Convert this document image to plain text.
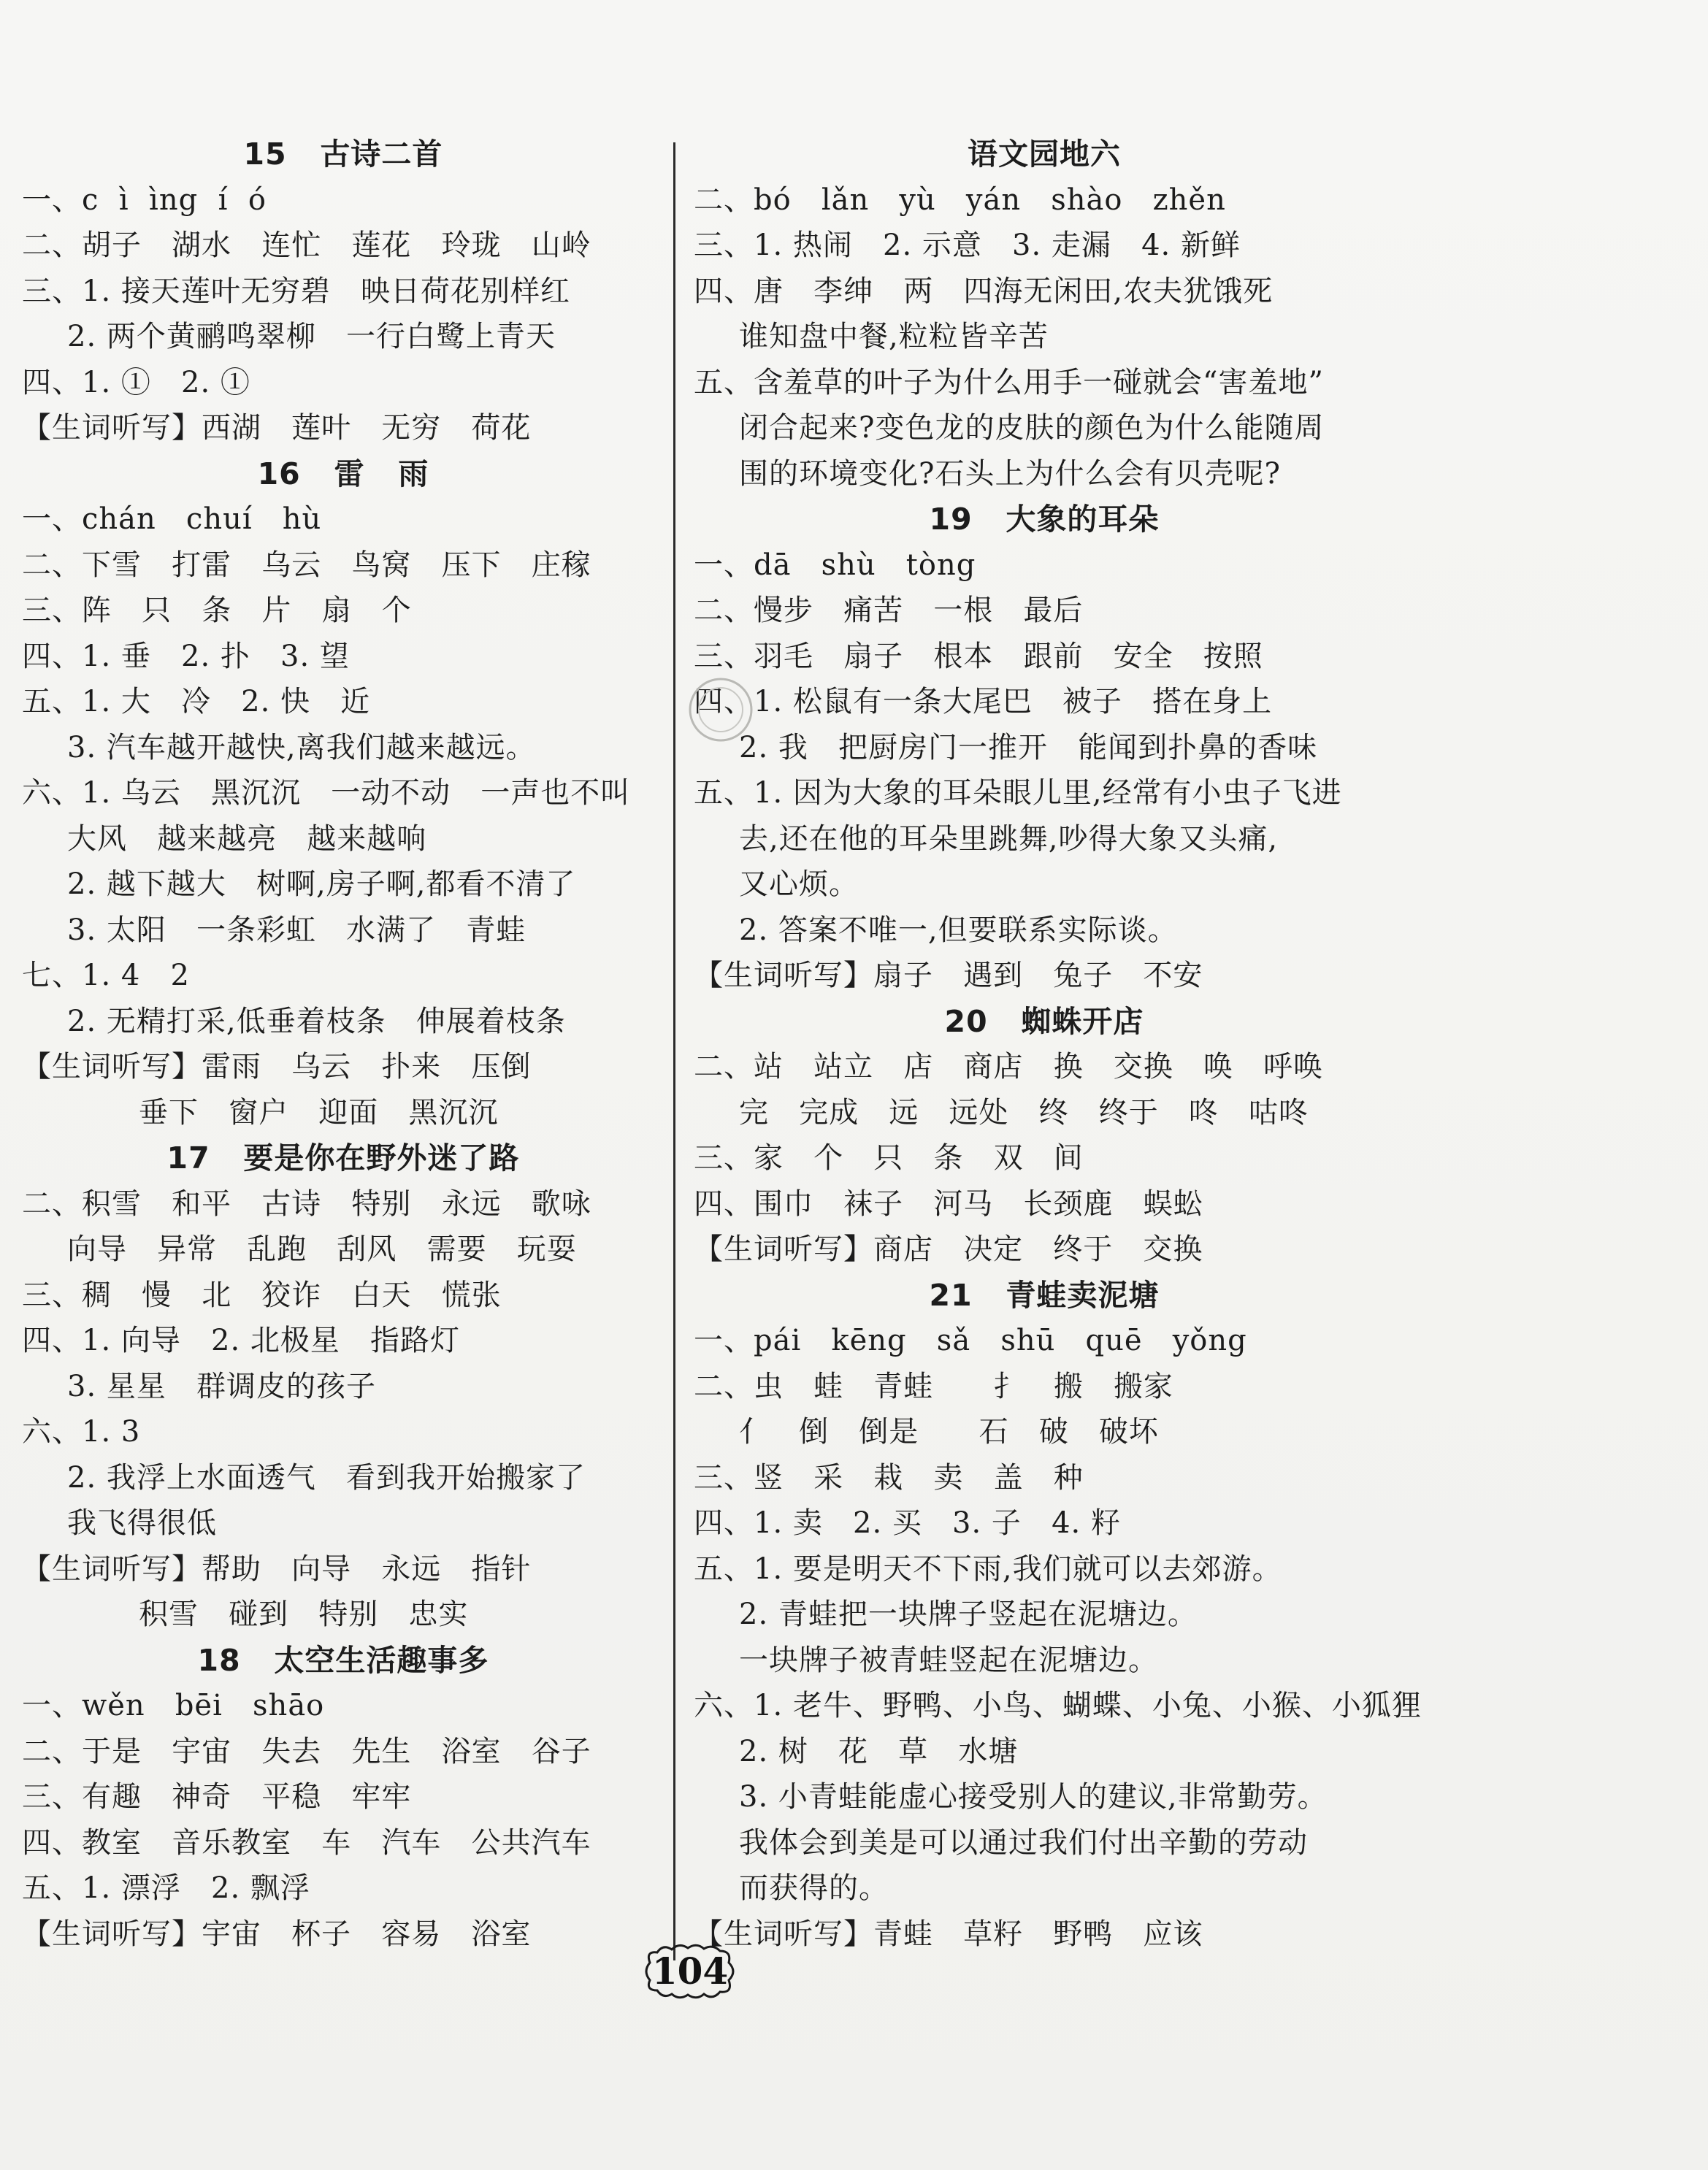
15   古诗二首
一、c  ì  ìng  í  ó
二、胡子   湖水   连忙   莲花   玲珑   山岭
三、1. 接天莲叶无穷碧   映日荷花别样红
2. 两个黄鹂鸣翠柳   一行白鹭上青天
四、1. ①   2. ①
【生词听写】西湖   莲叶   无穷   荷花
16   雷   雨
一、chán   chuí   hù
二、下雪   打雷   乌云   鸟窝   压下   庄稼
三、阵   只   条   片   扇   个
四、1. 垂   2. 扑   3. 望
五、1. 大   冷   2. 快   近
3. 汽车越开越快,离我们越来越远。
六、1. 乌云   黑沉沉   一动不动   一声也不叫
大风   越来越亮   越来越响
2. 越下越大   树啊,房子啊,都看不清了
3. 太阳   一条彩虹   水满了   青蛙
七、1. 4   2
2. 无精打采,低垂着枝条   伸展着枝条
【生词听写】雷雨   乌云   扑来   压倒
垂下   窗户   迎面   黑沉沉
17   要是你在野外迷了路
二、积雪   和平   古诗   特别   永远   歌咏
向导   异常   乱跑   刮风   需要   玩耍
三、稠   慢   北   狡诈   白天   慌张
四、1. 向导   2. 北极星   指路灯
3. 星星   群调皮的孩子
六、1. 3
2. 我浮上水面透气   看到我开始搬家了
我飞得很低
【生词听写】帮助   向导   永远   指针
积雪   碰到   特别   忠实
18   太空生活趣事多
一、wěn   bēi   shāo
二、于是   宇宙   失去   先生   浴室   谷子
三、有趣   神奇   平稳   牢牢
四、教室   音乐教室   车   汽车   公共汽车
五、1. 漂浮   2. 飘浮
【生词听写】宇宙   杯子   容易   浴室
语文园地六
二、bó   lǎn   yù   yán   shào   zhěn
三、1. 热闹   2. 示意   3. 走漏   4. 新鲜
四、唐   李绅   两   四海无闲田,农夫犹饿死
谁知盘中餐,粒粒皆辛苦
五、含羞草的叶子为什么用手一碰就会“害羞地”
闭合起来?变色龙的皮肤的颜色为什么能随周
围的环境变化?石头上为什么会有贝壳呢?
19   大象的耳朵
一、dā   shù   tòng
二、慢步   痛苦   一根   最后
三、羽毛   扇子   根本   跟前   安全   按照
四、1. 松鼠有一条大尾巴   被子   搭在身上
2. 我   把厨房门一推开   能闻到扑鼻的香味
五、1. 因为大象的耳朵眼儿里,经常有小虫子飞进
去,还在他的耳朵里跳舞,吵得大象又头痛,
又心烦。
2. 答案不唯一,但要联系实际谈。
【生词听写】扇子   遇到   兔子   不安
20   蜘蛛开店
二、站   站立   店   商店   换   交换   唤   呼唤
完   完成   远   远处   终   终于   咚   咕咚
三、家   个   只   条   双   间
四、围巾   袜子   河马   长颈鹿   蜈蚣
【生词听写】商店   决定   终于   交换
21   青蛙卖泥塘
一、pái   kēng   sǎ   shū   quē   yǒng
二、虫   蛙   青蛙      扌   搬   搬家
亻   倒   倒是      石   破   破坏
三、竖   采   栽   卖   盖   种
四、1. 卖   2. 买   3. 子   4. 籽
五、1. 要是明天不下雨,我们就可以去郊游。
2. 青蛙把一块牌子竖起在泥塘边。
一块牌子被青蛙竖起在泥塘边。
六、1. 老牛、野鸭、小鸟、蝴蝶、小兔、小猴、小狐狸
2. 树   花   草   水塘
3. 小青蛙能虚心接受别人的建议,非常勤劳。
我体会到美是可以通过我们付出辛勤的劳动
而获得的。
【生词听写】青蛙   草籽   野鸭   应该
104
